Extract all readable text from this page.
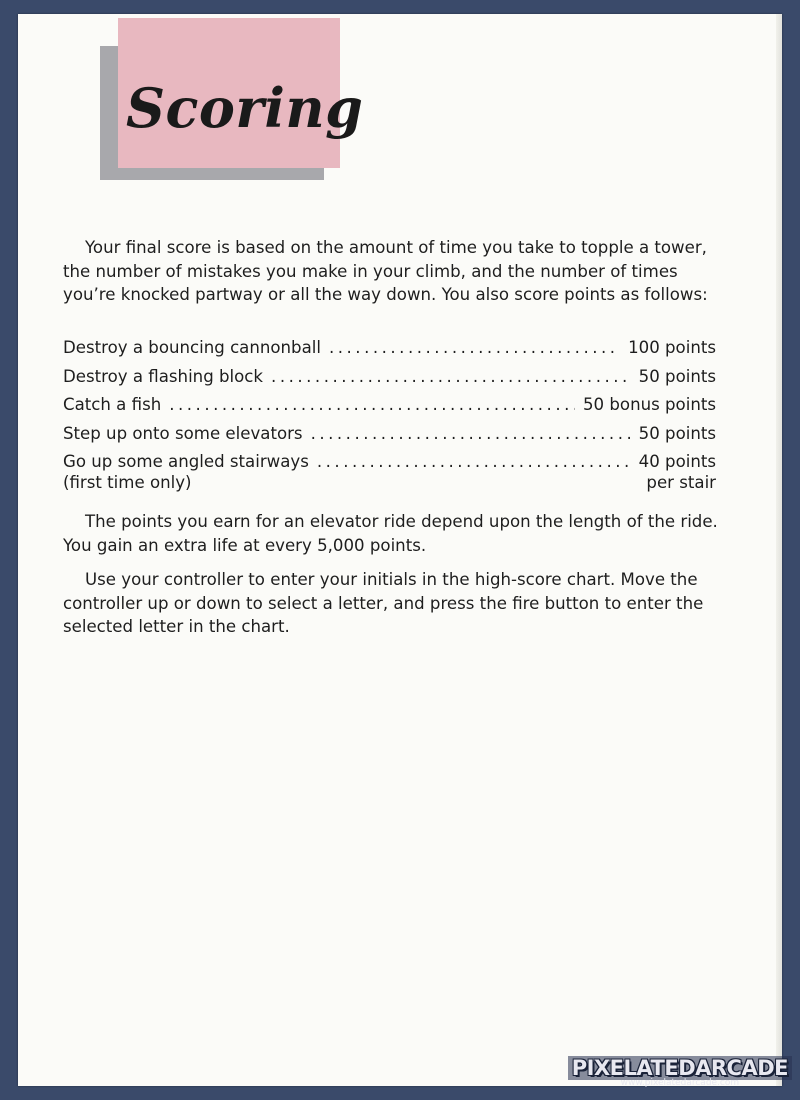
Scoring

Your final score is based on the amount of time you take to topple a tower, the number of mistakes you make in your climb, and the number of times you’re knocked partway or all the way down. You also score points as follows:

Destroy a bouncing cannonball .....	100 points
Destroy a flashing block .....	50 points
Catch a fish .....	50 bonus points
Step up onto some elevators .....	50 points
Go up some angled stairways .....	40 points
(first time only)	per stair

The points you earn for an elevator ride depend upon the length of the ride. You gain an extra life at every 5,000 points.

Use your controller to enter your initials in the high-score chart. Move the controller up or down to select a letter, and press the fire button to enter the selected letter in the chart.

PIXELATEDARCADE
www.pixelatedarcade.com
